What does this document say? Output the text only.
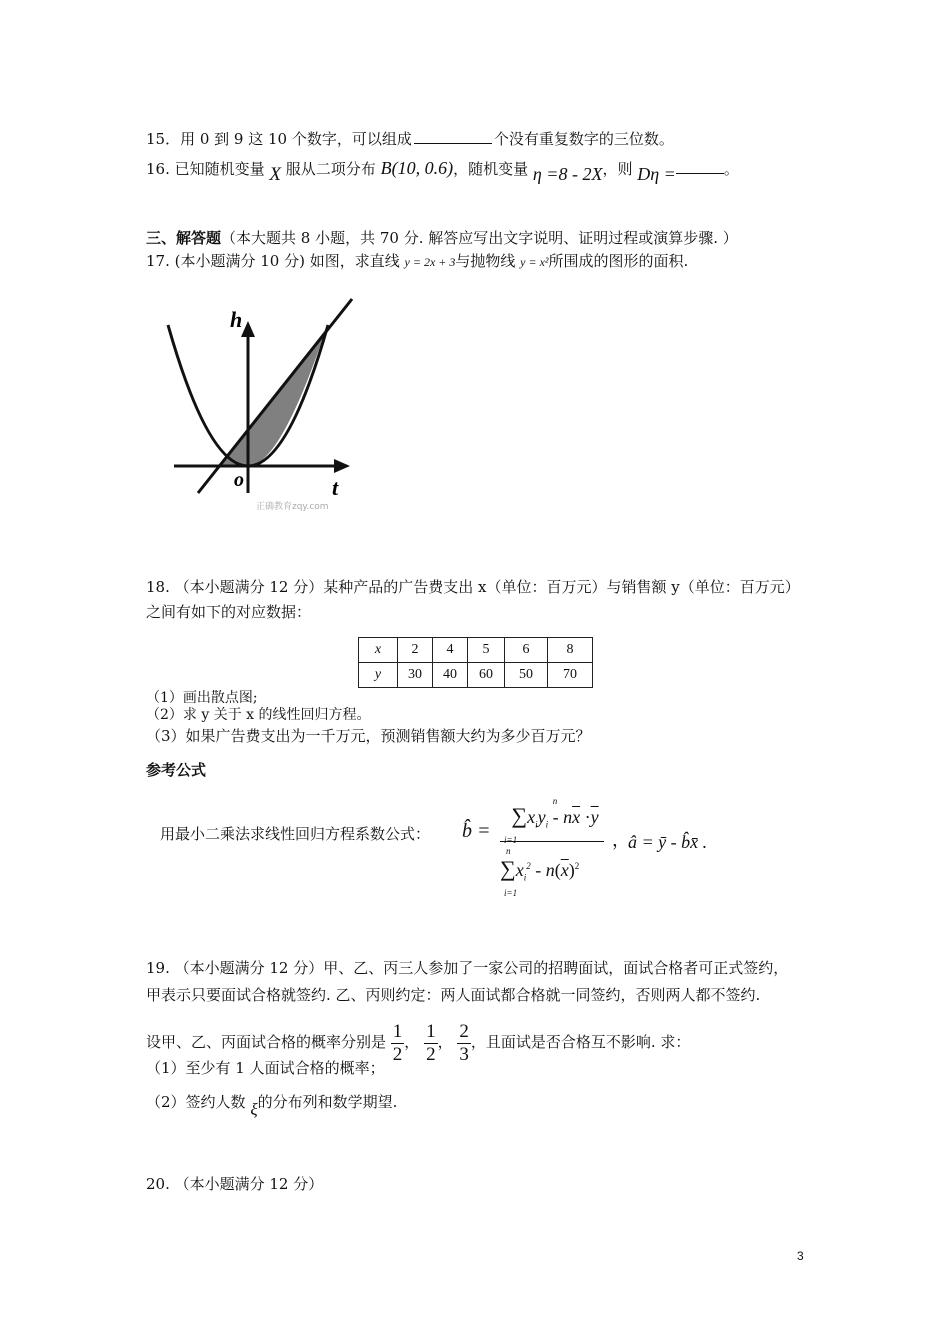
15．用 0 到 9 这 10 个数字，可以组成	个没有重复数字的三位数。
16. 已知随机变量 X 服从二项分布 B(10, 0.6)，随机变量 η =8 - 2X，则 Dη =	。
三、解答题（本大题共 8 小题，共 70 分. 解答应写出文字说明、证明过程或演算步骤. ）
17. (本小题满分 10 分) 如图，求直线 y = 2x + 3与抛物线 y = x²所围成的图形的面积.
h
o	t
正确教育zqy.com
18. （本小题满分 12 分）某种产品的广告费支出 x（单位：百万元）与销售额 y（单位：百万元）
之间有如下的对应数据：
x	2	4	5	6	8
y	30	40	60	50	70
（1）画出散点图;
（2）求 y 关于 x 的线性回归方程。
（3）如果广告费支出为一千万元，预测销售额大约为多少百万元？
参考公式
用最小二乘法求线性回归方程系数公式： b̂ =
n
$\sum x_iy_i - n\overline{x} \cdot\overline{y}$
i=1
n
$\sum x_i^2 - n(\overline{x})^2$
i=1
，
â = ȳ - b̂x̄ .
19. （本小题满分 12 分）甲、乙、丙三人参加了一家公司的招聘面试，面试合格者可正式签约，
甲表示只要面试合格就签约. 乙、丙则约定：两人面试都合格就一同签约，否则两人都不签约.
设甲、乙、丙面试合格的概率分别是 $\frac{1}{2}$ ， $\frac{1}{2}$ ， $\frac{2}{3}$ ，且面试是否合格互不影响. 求：
（1）至少有 1 人面试合格的概率；
（2）签约人数 ξ的分布列和数学期望.
20. （本小题满分 12 分）
3
